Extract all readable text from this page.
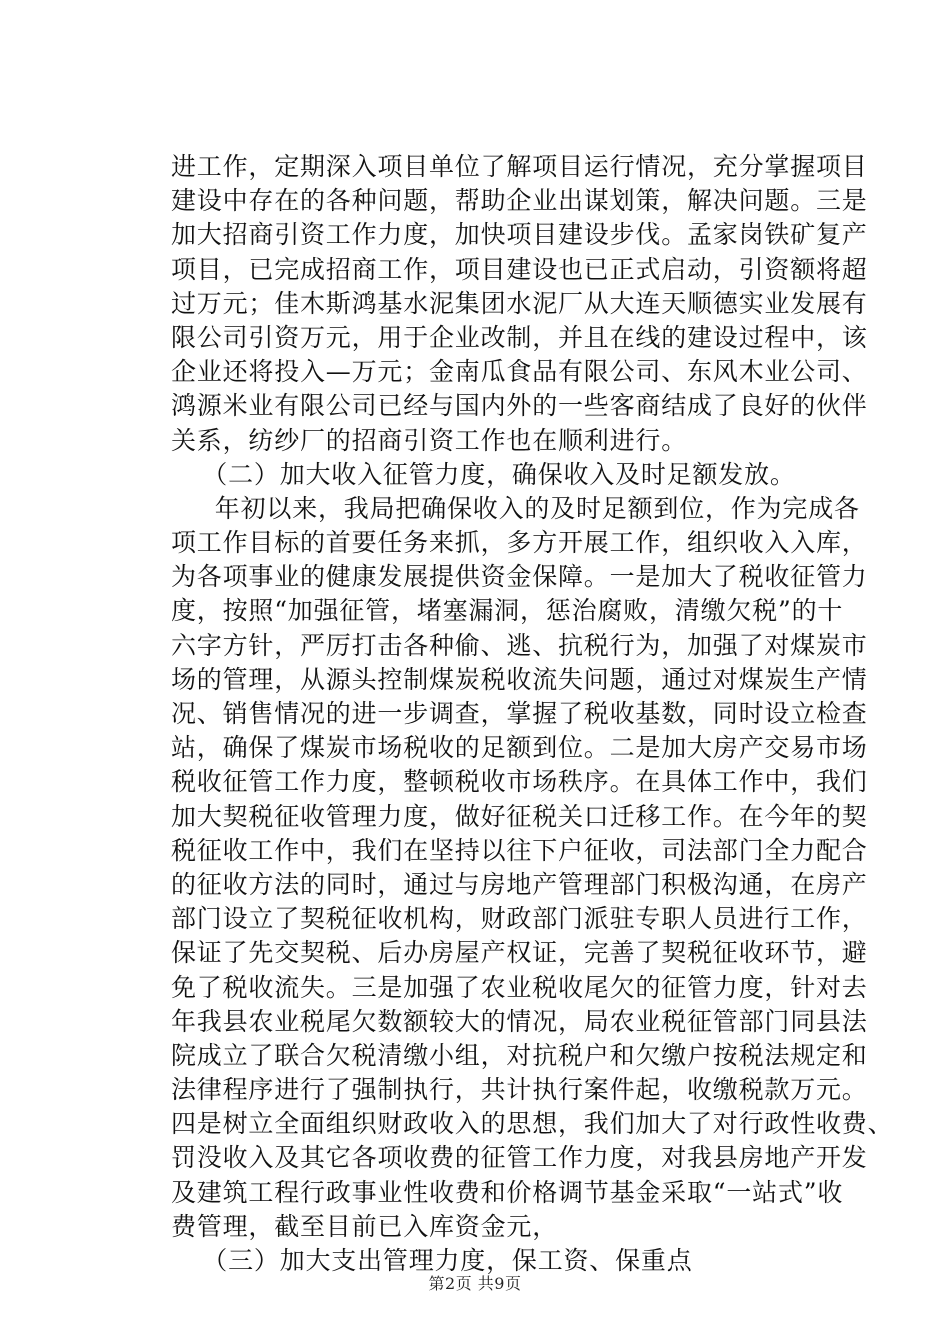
进工作，定期深入项目单位了解项目运行情况，充分掌握项目
建设中存在的各种问题，帮助企业出谋划策，解决问题。三是
加大招商引资工作力度，加快项目建设步伐。孟家岗铁矿复产
项目，已完成招商工作，项目建设也已正式启动，引资额将超
过万元；佳木斯鸿基水泥集团水泥厂从大连天顺德实业发展有
限公司引资万元，用于企业改制，并且在线的建设过程中，该
企业还将投入—万元；金南瓜食品有限公司、东风木业公司、
鸿源米业有限公司已经与国内外的一些客商结成了良好的伙伴
关系，纺纱厂的招商引资工作也在顺利进行。
　（二）加大收入征管力度，确保收入及时足额发放。
　年初以来，我局把确保收入的及时足额到位，作为完成各
项工作目标的首要任务来抓，多方开展工作，组织收入入库，
为各项事业的健康发展提供资金保障。一是加大了税收征管力
度，按照“加强征管，堵塞漏洞，惩治腐败，清缴欠税”的十
六字方针，严厉打击各种偷、逃、抗税行为，加强了对煤炭市
场的管理，从源头控制煤炭税收流失问题，通过对煤炭生产情
况、销售情况的进一步调查，掌握了税收基数，同时设立检查
站，确保了煤炭市场税收的足额到位。二是加大房产交易市场
税收征管工作力度，整顿税收市场秩序。在具体工作中，我们
加大契税征收管理力度，做好征税关口迁移工作。在今年的契
税征收工作中，我们在坚持以往下户征收，司法部门全力配合
的征收方法的同时，通过与房地产管理部门积极沟通，在房产
部门设立了契税征收机构，财政部门派驻专职人员进行工作，
保证了先交契税、后办房屋产权证，完善了契税征收环节，避
免了税收流失。三是加强了农业税收尾欠的征管力度，针对去
年我县农业税尾欠数额较大的情况，局农业税征管部门同县法
院成立了联合欠税清缴小组，对抗税户和欠缴户按税法规定和
法律程序进行了强制执行，共计执行案件起，收缴税款万元。
四是树立全面组织财政收入的思想，我们加大了对行政性收费、
罚没收入及其它各项收费的征管工作力度，对我县房地产开发
及建筑工程行政事业性收费和价格调节基金采取“一站式”收
费管理，截至目前已入库资金元，
　（三）加大支出管理力度，保工资、保重点
第2页 共9页
